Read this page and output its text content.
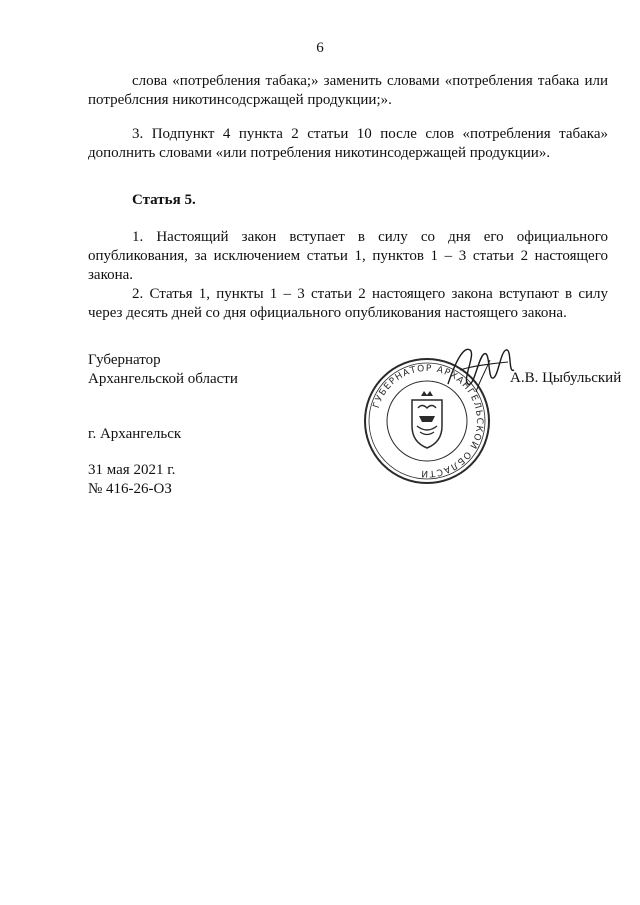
6

слова «потребления табака;» заменить словами «потребления табака или потреблсния никотинсодсржащей продукции;».

3. Подпункт 4 пункта 2 статьи 10 после слов «потребления табака» дополнить словами «или потребления никотинсодержащей продукции».

Статья 5.

1. Настоящий закон вступает в силу со дня его официального опубликования, за исключением статьи 1, пунктов 1 – 3 статьи 2 настоящего закона.

2. Статья 1, пункты 1 – 3 статьи 2 настоящего закона вступают в силу через десять дней со дня официального опубликования настоящего закона.

Губернатор
Архангельской области	А.В. Цыбульский
г. Архангельск
31 мая 2021 г.
№ 416-26-ОЗ
ГУБЕРНАТОР АРХАНГЕЛЬСКОЙ ОБЛАСТИ
